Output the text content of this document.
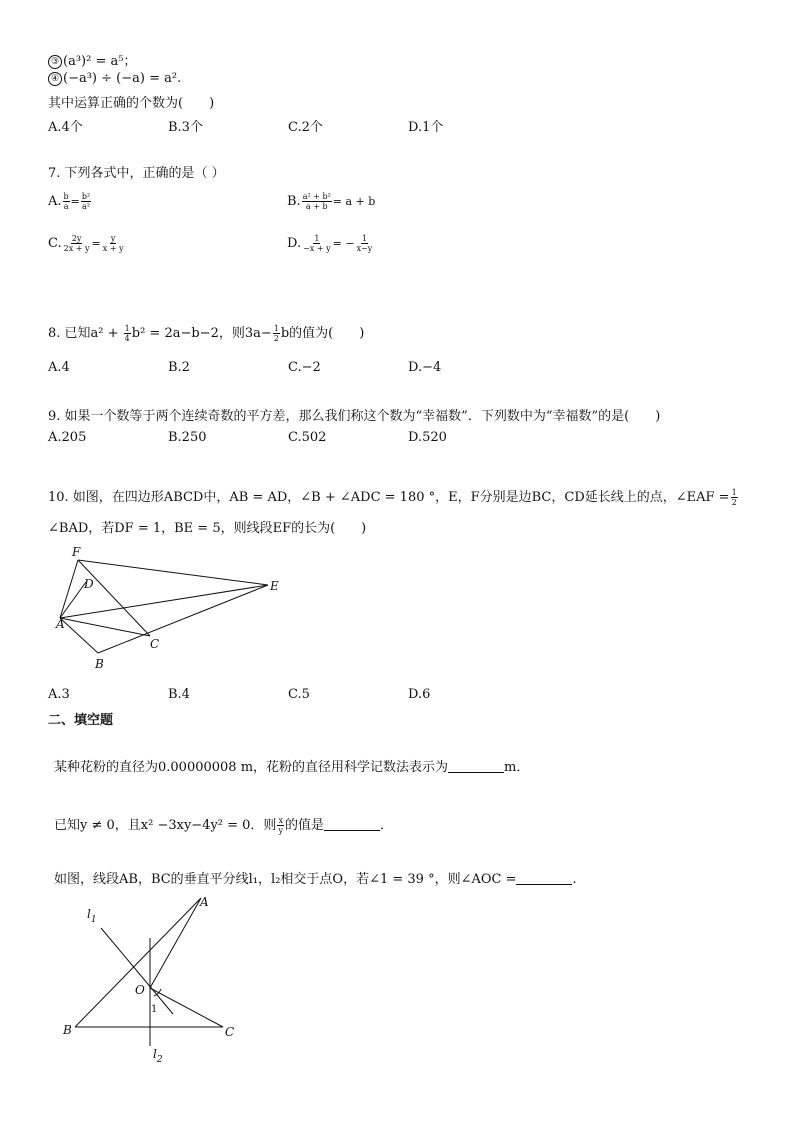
③ (a³)² = a⁵；
④ (−a³) ÷ (−a) = a².
其中运算正确的个数为(　　)
A.4个	B.3个	C.2个	D.1个
7. 下列各式中，正确的是（ ）
A. $\frac{b}{a} = \frac{\text{b²}}{\text{a²}}$	B. $\frac{\text{a² + b²}}{a + b} = a + b$
C. $\frac{2y}{2x + y} = \frac{y}{x + y}$	D. $\frac{1}{-x + y}$ = − $\frac{1}{x-y}$
8. 已知$a^2 + \frac{1}{4} b^2 = 2a-b-2$，则$3a- \frac{1}{2}$ b的值为(　　)
A.4	B.2	C.−2	D.−4
9. 如果一个数等于两个连续奇数的平方差，那么我们称这个数为“幸福数”．下列数中为“幸福数”的是(　　)
A.205	B.250	C.502	D.520
10. 如图，在四边形ABCD中，AB = AD，∠B + ∠ADC = 180 °，E，F分别是边BC，CD延长线上的点，∠EAF = $\frac{1}{2}$
∠BAD，若DF = 1，BE = 5，则线段EF的长为(　　)
F
D	E
A
C
B
A.3	B.4	C.5	D.6
二、填空题
某种花粉的直径为0.00000008 m，花粉的直径用科学记数法表示为	m．
已知y ≠ 0，且x² −3xy−4y² = 0．则 $\frac{x}{y}$ 的值是	．
如图，线段AB，BC的垂直平分线l₁，l₂相交于点O，若∠1 = 39 °，则∠AOC =	.
$l_1$
A
O
1
B	C
$l_2$
